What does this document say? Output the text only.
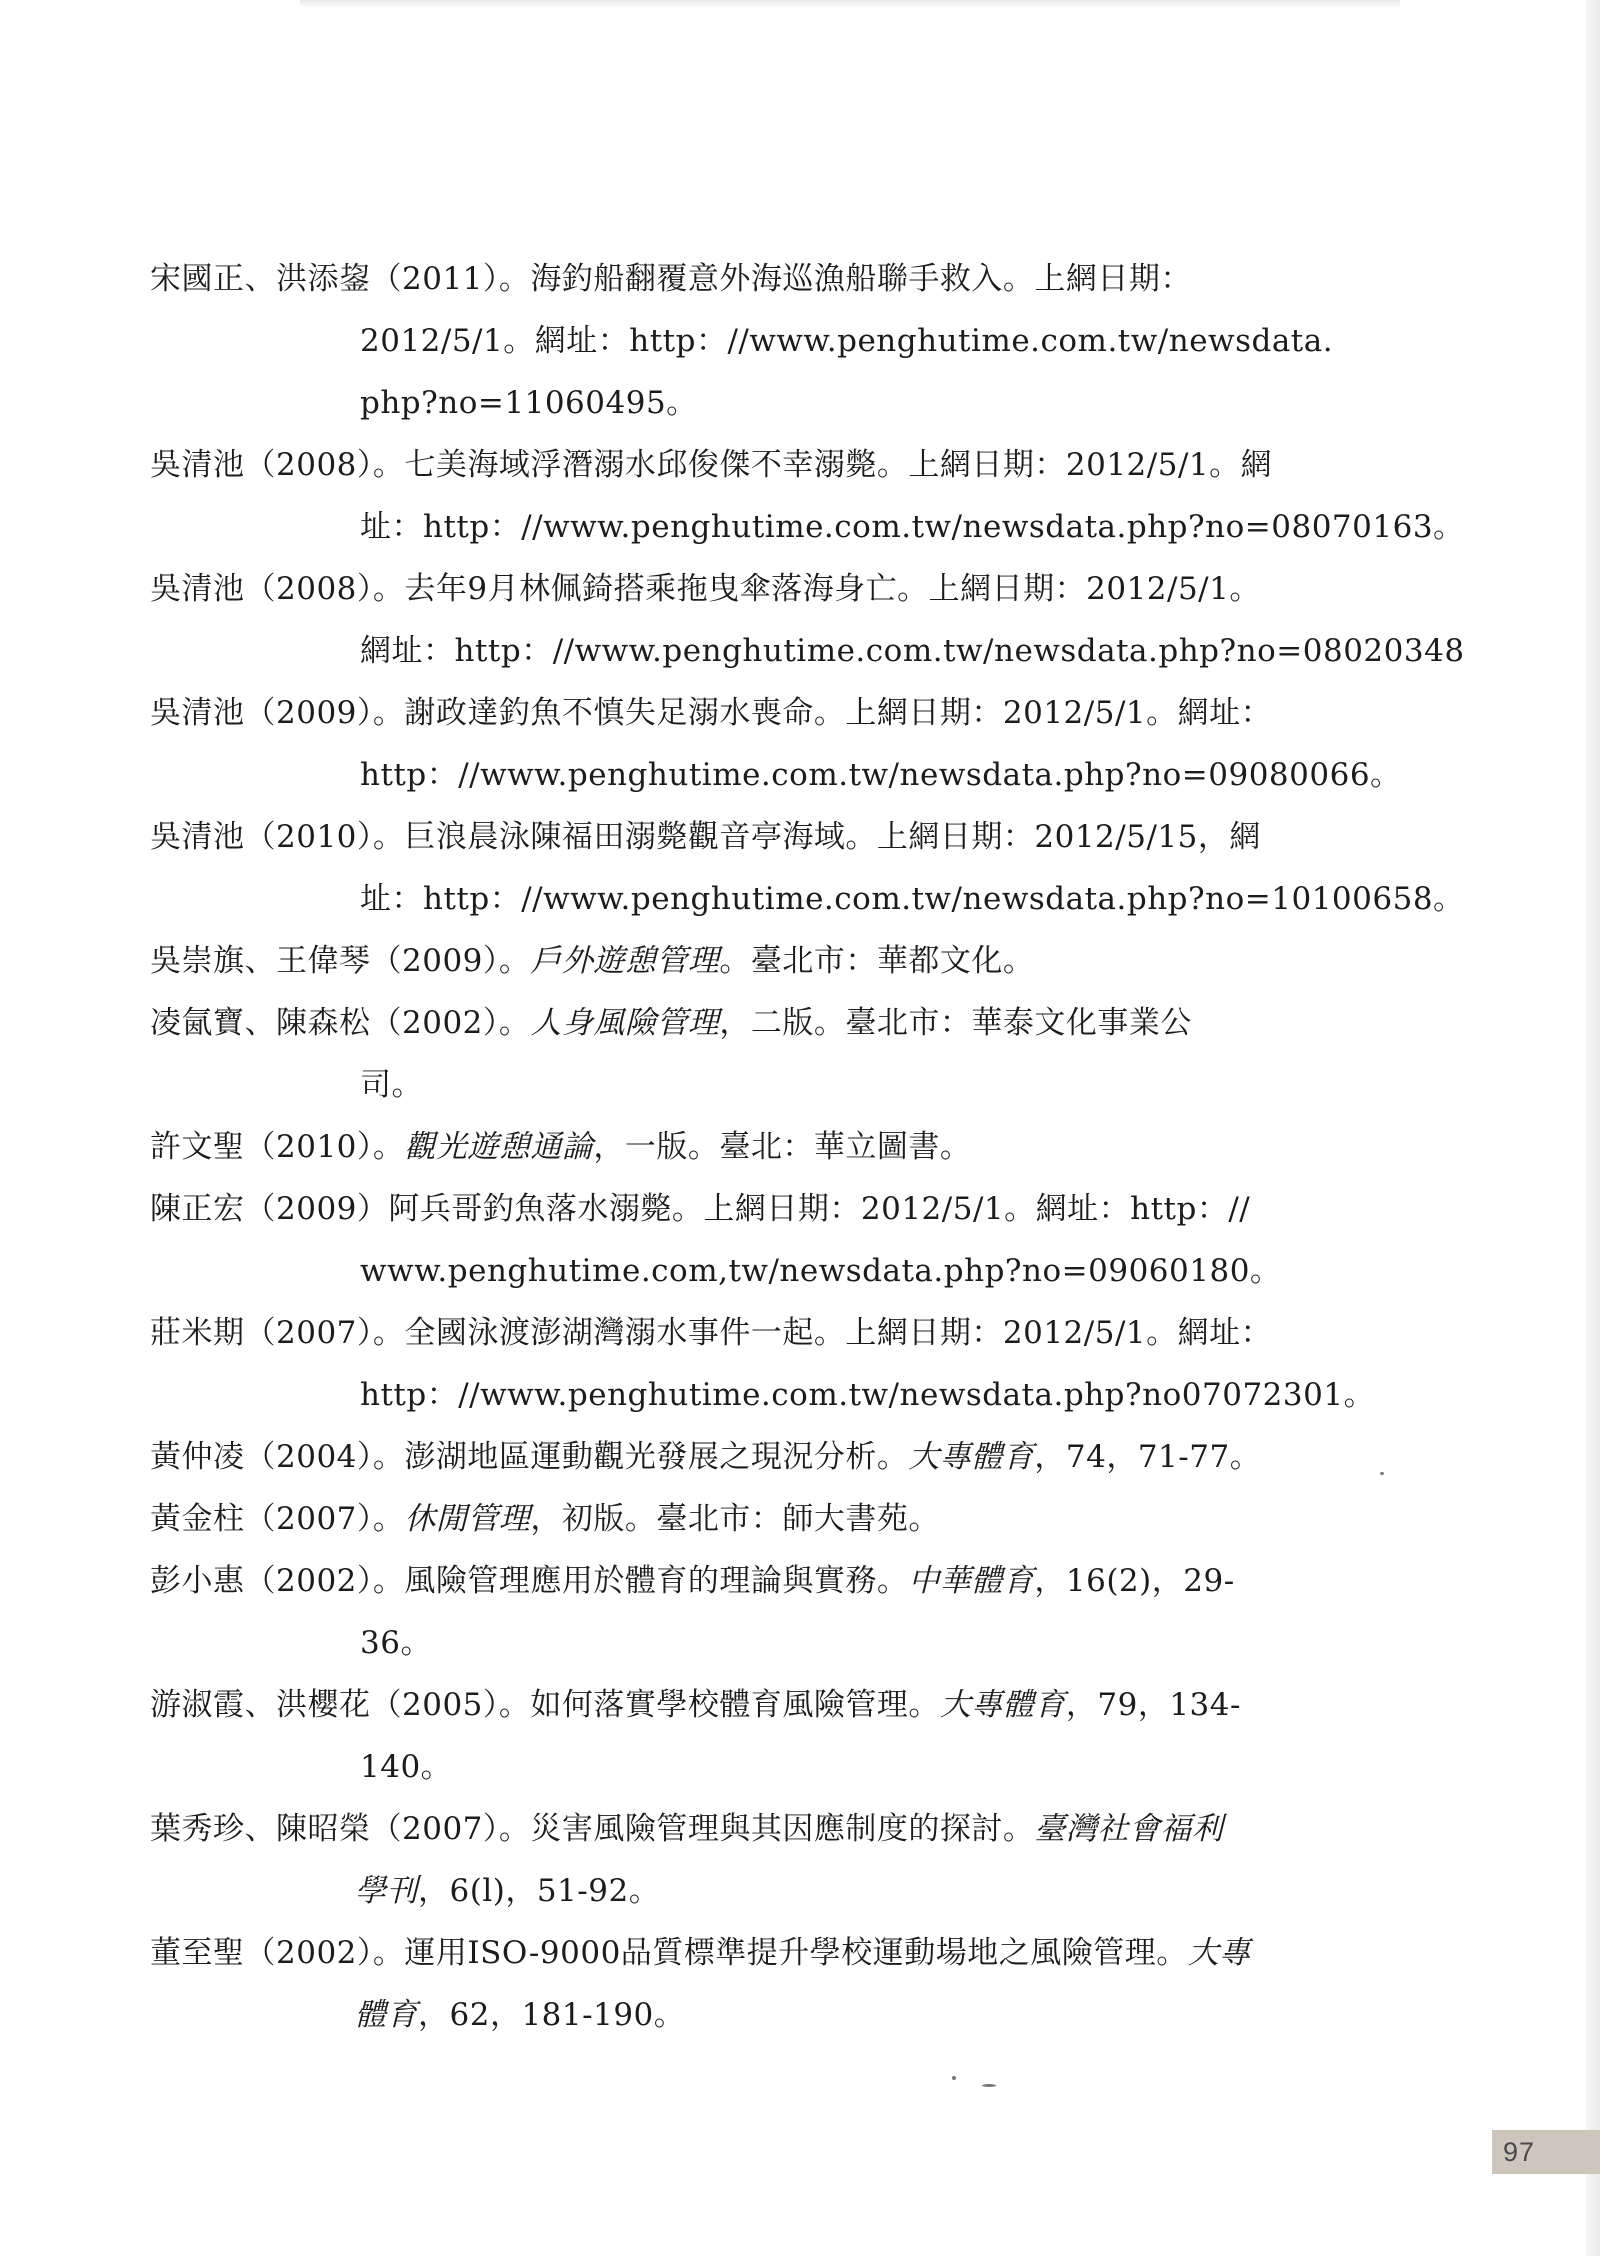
宋國正、洪添鋆（2011）。海釣船翻覆意外海巡漁船聯手救入。上網日期：
2012/5/1。網址：http：//www.penghutime.com.tw/newsdata.
php?no=11060495。
吳清池（2008）。七美海域浮潛溺水邱俊傑不幸溺斃。上網日期：2012/5/1。網
址：http：//www.penghutime.com.tw/newsdata.php?no=08070163。
吳清池（2008）。去年9月林佩錡搭乘拖曳傘落海身亡。上網日期：2012/5/1。
網址：http：//www.penghutime.com.tw/newsdata.php?no=08020348
吳清池（2009）。謝政達釣魚不慎失足溺水喪命。上網日期：2012/5/1。網址：
http：//www.penghutime.com.tw/newsdata.php?no=09080066。
吳清池（2010）。巨浪晨泳陳福田溺斃觀音亭海域。上網日期：2012/5/15，網
址：http：//www.penghutime.com.tw/newsdata.php?no=10100658。
吳崇旗、王偉琴（2009）。戶外遊憩管理。臺北市：華都文化。
凌氤寶、陳森松（2002）。人身風險管理，二版。臺北市：華泰文化事業公
司。
許文聖（2010）。觀光遊憩通論，一版。臺北：華立圖書。
陳正宏（2009）阿兵哥釣魚落水溺斃。上網日期：2012/5/1。網址：http：//
www.penghutime.com,tw/newsdata.php?no=09060180。
莊米期（2007）。全國泳渡澎湖灣溺水事件一起。上網日期：2012/5/1。網址：
http：//www.penghutime.com.tw/newsdata.php?no07072301。
黃仲凌（2004）。澎湖地區運動觀光發展之現況分析。大專體育，74，71-77。
黃金柱（2007）。休閒管理，初版。臺北市：師大書苑。
彭小惠（2002）。風險管理應用於體育的理論與實務。中華體育，16(2)，29-
36。
游淑霞、洪櫻花（2005）。如何落實學校體育風險管理。大專體育，79，134-
140。
葉秀珍、陳昭榮（2007）。災害風險管理與其因應制度的探討。臺灣社會福利
學刊，6(l)，51-92。
董至聖（2002）。運用ISO-9000品質標準提升學校運動場地之風險管理。大專
體育，62，181-190。
97
